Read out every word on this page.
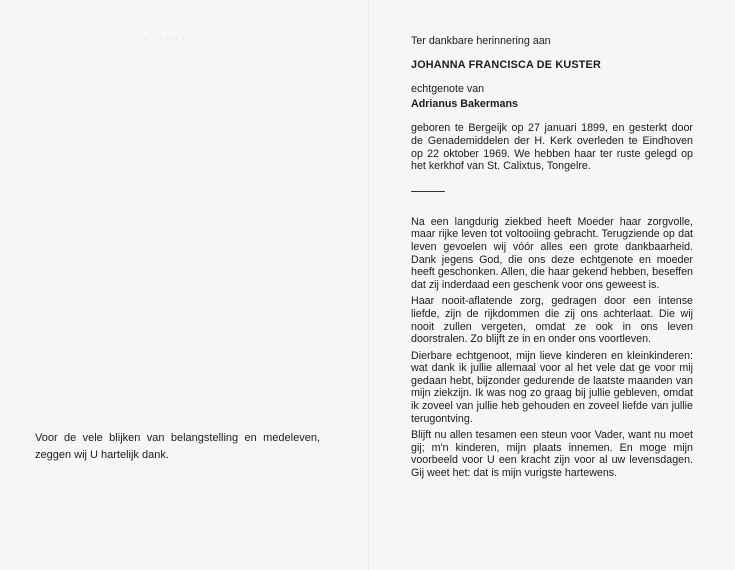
" ‘ ‘ ’ '° "
’ · · · · ·
Voor de vele blijken van belangstelling en medeleven, zeggen wij U hartelijk dank.
Ter dankbare herinnering aan
JOHANNA FRANCISCA DE KUSTER
echtgenote van
Adrianus Bakermans
geboren te Bergeijk op 27 januari 1899, en gesterkt door de Genademiddelen der H. Kerk overleden te Eindhoven op 22 oktober 1969. We hebben haar ter ruste gelegd op het kerkhof van St. Calixtus, Tongelre.
Na een langdurig ziekbed heeft Moeder haar zorgvolle, maar rijke leven tot voltooiing gebracht. Terugziende op dat leven gevoelen wij vóór alles een grote dankbaarheid. Dank jegens God, die ons deze echtgenote en moeder heeft geschonken. Allen, die haar gekend hebben, beseffen dat zij inderdaad een geschenk voor ons geweest is.
Haar nooit-aflatende zorg, gedragen door een intense liefde, zijn de rijkdommen die zij ons achterlaat. Die wij nooit zullen vergeten, omdat ze ook in ons leven doorstralen. Zo blijft ze in en onder ons voortleven.
Dierbare echtgenoot, mijn lieve kinderen en kleinkinderen: wat dank ik jullie allemaal voor al het vele dat ge voor mij gedaan hebt, bijzonder gedurende de laatste maanden van mijn ziekzijn. Ik was nog zo graag bij jullie gebleven, omdat ik zoveel van jullie heb gehouden en zoveel liefde van jullie terugontving.
Blijft nu allen tesamen een steun voor Vader, want nu moet gij; m'n kinderen, mijn plaats innemen. En moge mijn voorbeeld voor U een kracht zijn voor al uw levensdagen. Gij weet het: dat is mijn vurigste hartewens.
